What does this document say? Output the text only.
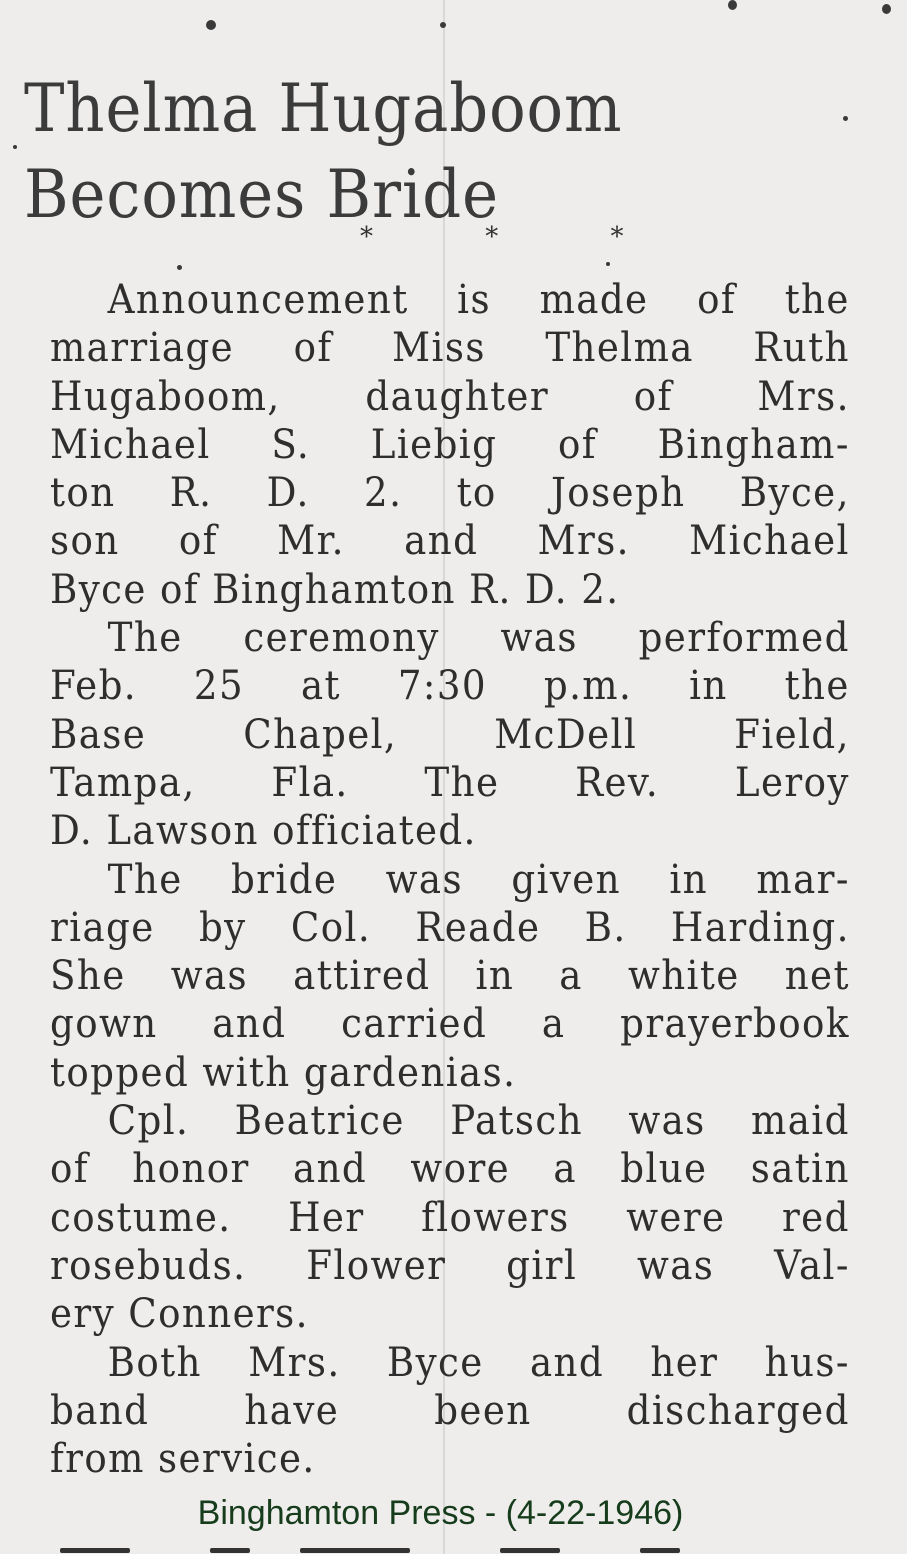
Thelma Hugaboom
Becomes Bride
* * *

Announcement is made of the
marriage of Miss Thelma Ruth
Hugaboom, daughter of Mrs.
Michael S. Liebig of Bingham-
ton R. D. 2. to Joseph Byce,
son of Mr. and Mrs. Michael
Byce of Binghamton R. D. 2.

The ceremony was performed
Feb. 25 at 7:30 p.m. in the
Base Chapel, McDell Field,
Tampa, Fla. The Rev. Leroy
D. Lawson officiated.

The bride was given in mar-
riage by Col. Reade B. Harding.
She was attired in a white net
gown and carried a prayerbook
topped with gardenias.

Cpl. Beatrice Patsch was maid
of honor and wore a blue satin
costume. Her flowers were red
rosebuds. Flower girl was Val-
ery Conners.

Both Mrs. Byce and her hus-
band have been discharged
from service.

Binghamton Press - (4-22-1946)
